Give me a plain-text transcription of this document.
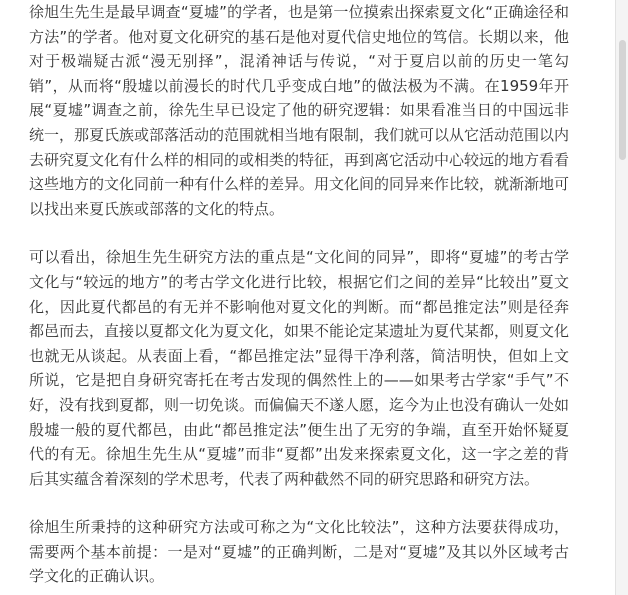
徐旭生先生是最早调查“夏墟”的学者，也是第一位摸索出探索夏文化“正确途径和方法”的学者。他对夏文化研究的基石是他对夏代信史地位的笃信。长期以来，他对于极端疑古派“漫无别择”，混淆神话与传说，“对于夏启以前的历史一笔勾销”，从而将“殷墟以前漫长的时代几乎变成白地”的做法极为不满。在1959年开展“夏墟”调查之前，徐先生早已设定了他的研究逻辑：如果看准当日的中国远非统一，那夏氏族或部落活动的范围就相当地有限制，我们就可以从它活动范围以内去研究夏文化有什么样的相同的或相类的特征，再到离它活动中心较远的地方看看这些地方的文化同前一种有什么样的差异。用文化间的同异来作比较，就渐渐地可以找出来夏氏族或部落的文化的特点。

可以看出，徐旭生先生研究方法的重点是“文化间的同异”，即将“夏墟”的考古学文化与“较远的地方”的考古学文化进行比较，根据它们之间的差异“比较出”夏文化，因此夏代都邑的有无并不影响他对夏文化的判断。而“都邑推定法”则是径奔都邑而去，直接以夏都文化为夏文化，如果不能论定某遗址为夏代某都，则夏文化也就无从谈起。从表面上看，“都邑推定法”显得干净利落，简洁明快，但如上文所说，它是把自身研究寄托在考古发现的偶然性上的——如果考古学家“手气”不好，没有找到夏都，则一切免谈。而偏偏天不遂人愿，迄今为止也没有确认一处如殷墟一般的夏代都邑，由此“都邑推定法”便生出了无穷的争端，直至开始怀疑夏代的有无。徐旭生先生从“夏墟”而非“夏都”出发来探索夏文化，这一字之差的背后其实蕴含着深刻的学术思考，代表了两种截然不同的研究思路和研究方法。

徐旭生所秉持的这种研究方法或可称之为“文化比较法”，这种方法要获得成功，需要两个基本前提：一是对“夏墟”的正确判断，二是对“夏墟”及其以外区域考古学文化的正确认识。
